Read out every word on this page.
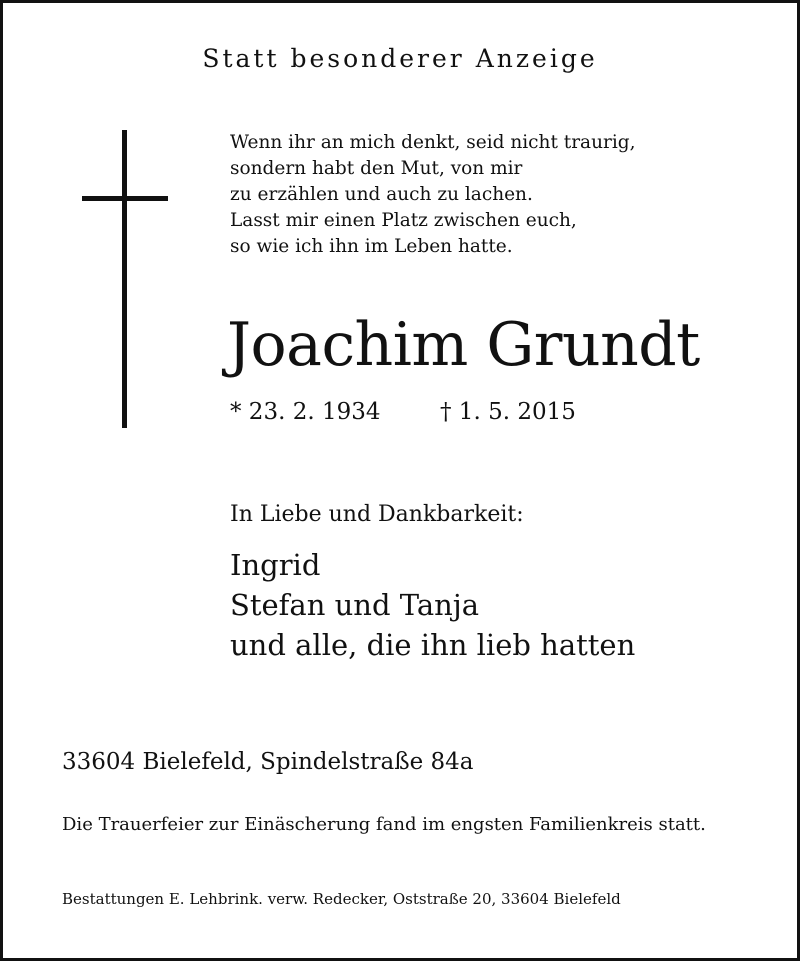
Statt besonderer Anzeige
Wenn ihr an mich denkt, seid nicht traurig,
sondern habt den Mut, von mir
zu erzählen und auch zu lachen.
Lasst mir einen Platz zwischen euch,
so wie ich ihn im Leben hatte.
Joachim Grundt
* 23. 2. 1934	† 1. 5. 2015
In Liebe und Dankbarkeit:
Ingrid
Stefan und Tanja
und alle, die ihn lieb hatten
33604 Bielefeld, Spindelstraße 84a
Die Trauerfeier zur Einäscherung fand im engsten Familienkreis statt.
Bestattungen E. Lehbrink. verw. Redecker, Oststraße 20, 33604 Bielefeld
